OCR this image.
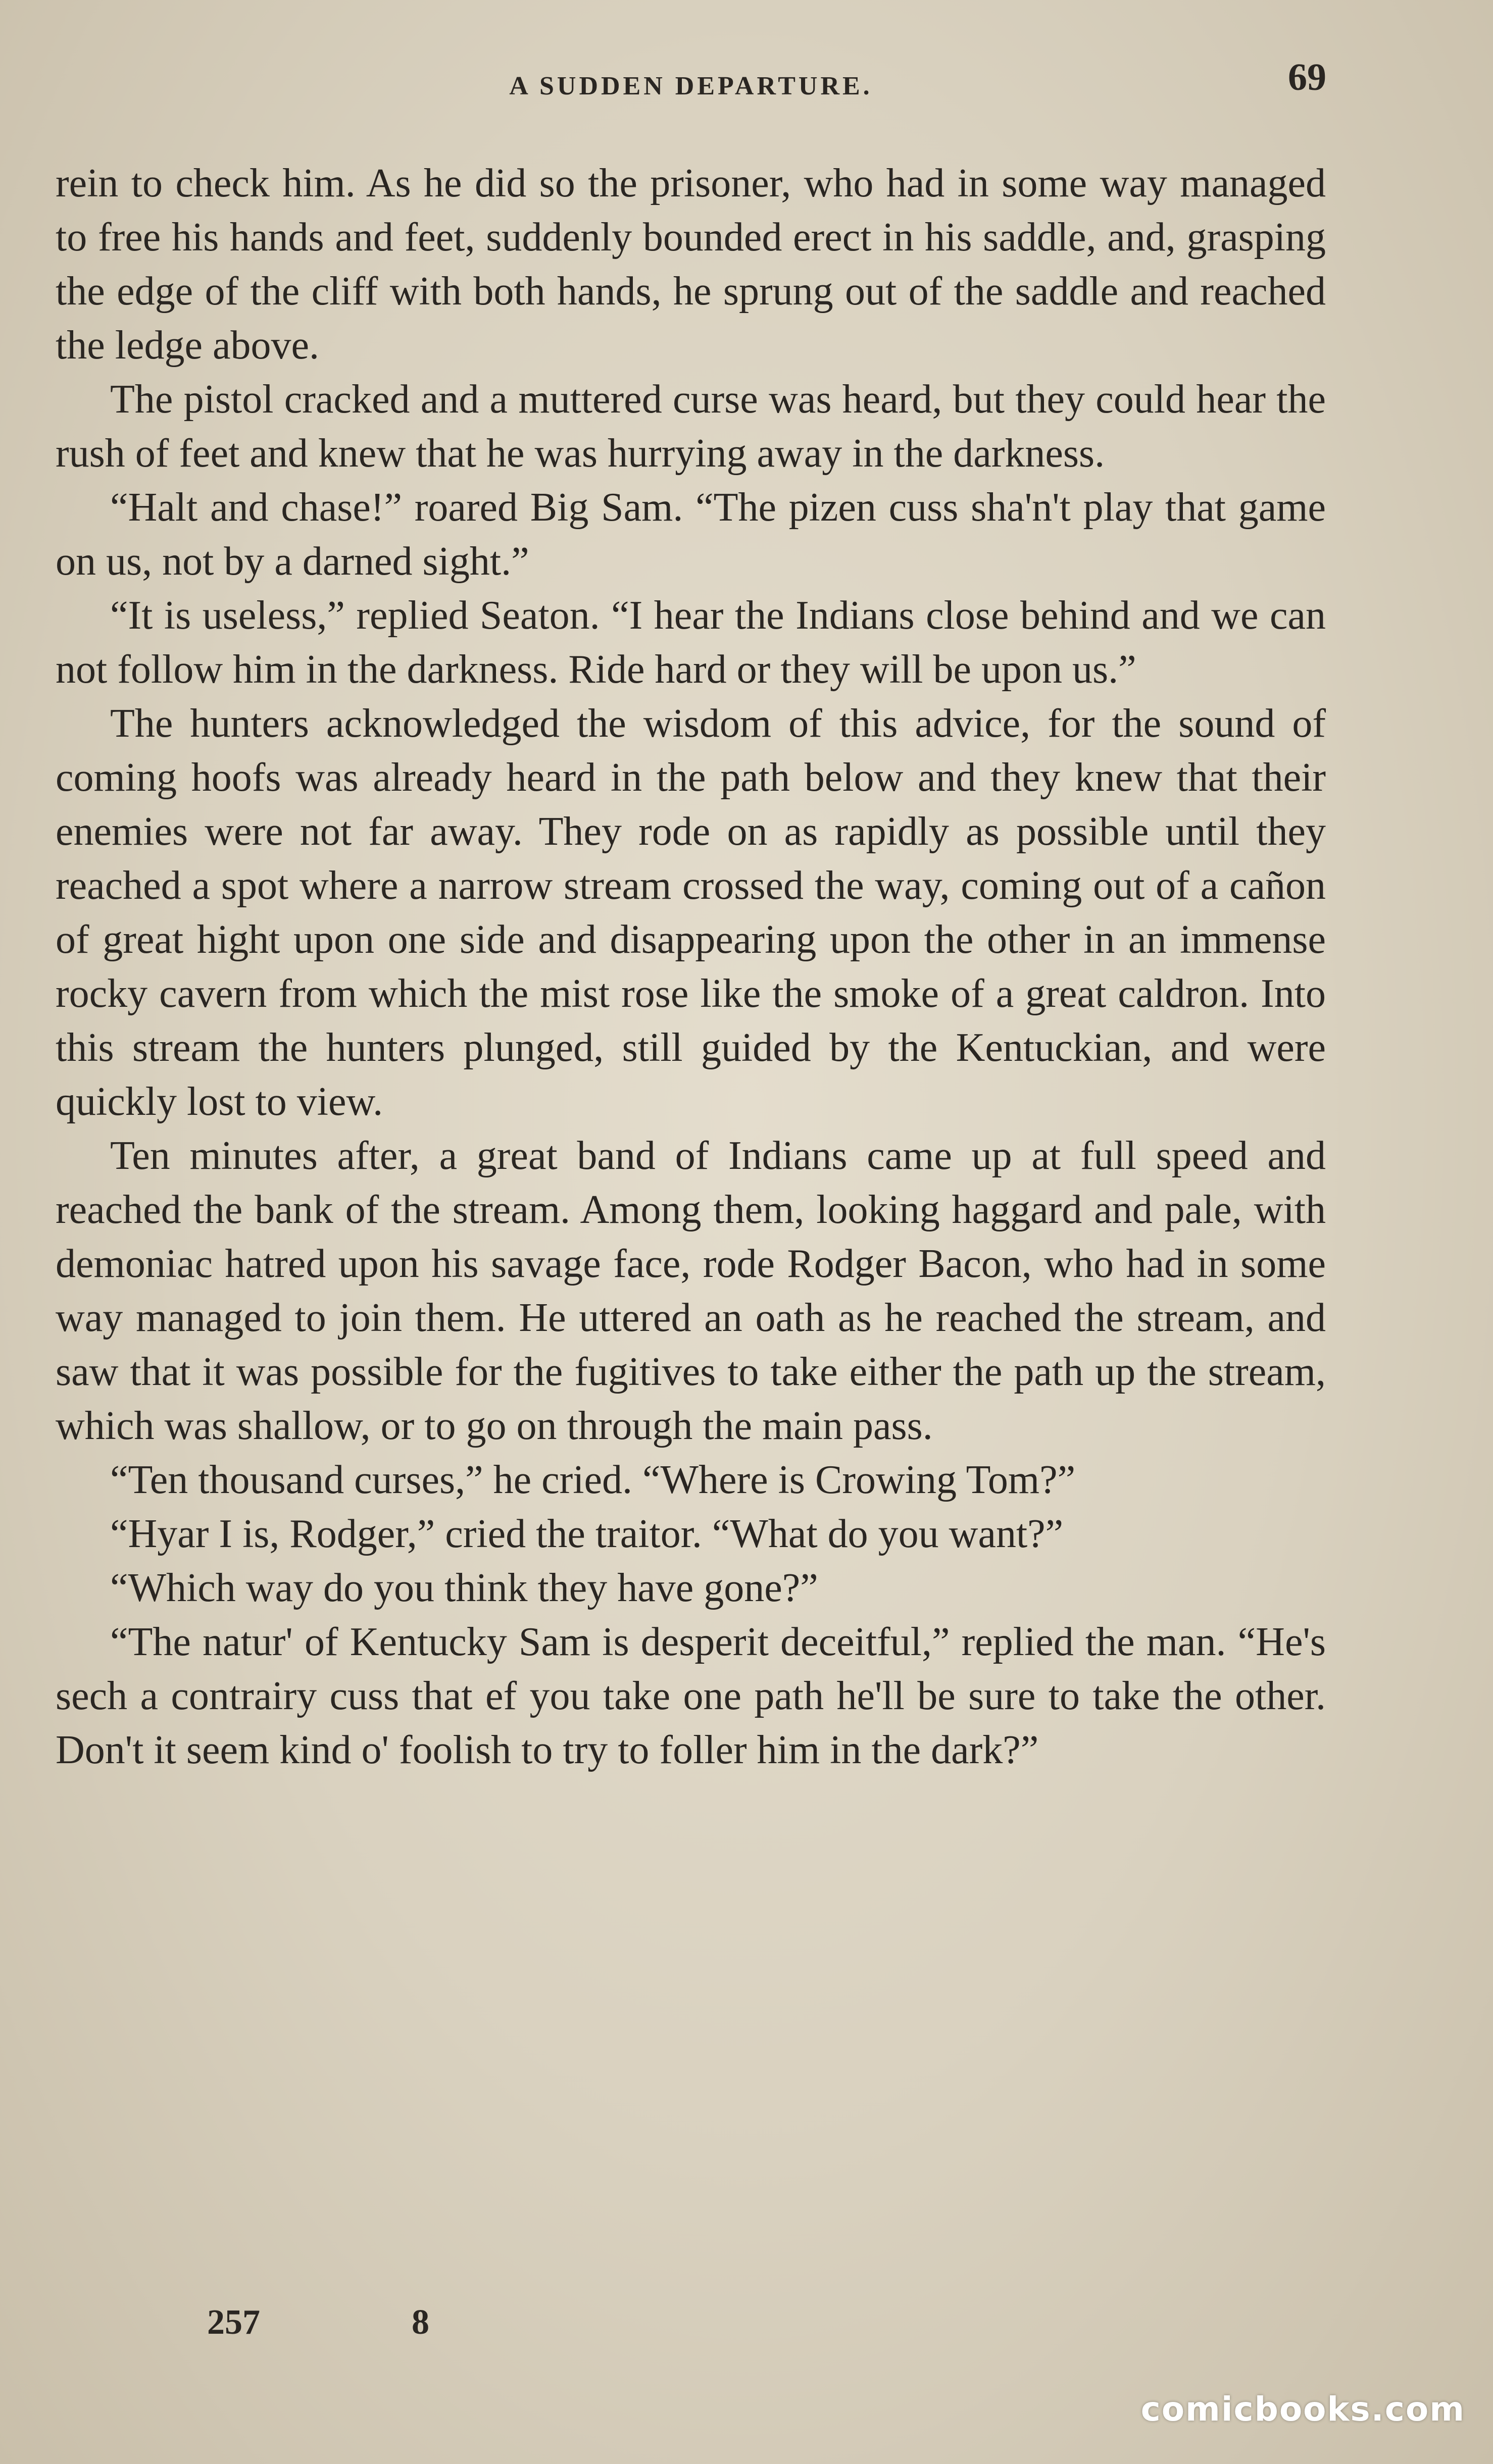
A SUDDEN DEPARTURE.	69

rein to check him. As he did so the prisoner, who had in some way managed to free his hands and feet, suddenly bounded erect in his saddle, and, grasping the edge of the cliff with both hands, he sprung out of the saddle and reached the ledge above.

The pistol cracked and a muttered curse was heard, but they could hear the rush of feet and knew that he was hurrying away in the darkness.

“Halt and chase!” roared Big Sam. “The pizen cuss sha'n't play that game on us, not by a darned sight.”

“It is useless,” replied Seaton. “I hear the Indians close behind and we can not follow him in the darkness. Ride hard or they will be upon us.”

The hunters acknowledged the wisdom of this advice, for the sound of coming hoofs was already heard in the path below and they knew that their enemies were not far away. They rode on as rapidly as possible until they reached a spot where a narrow stream crossed the way, coming out of a cañon of great hight upon one side and disappearing upon the other in an immense rocky cavern from which the mist rose like the smoke of a great caldron. Into this stream the hunters plunged, still guided by the Kentuckian, and were quickly lost to view.

Ten minutes after, a great band of Indians came up at full speed and reached the bank of the stream. Among them, looking haggard and pale, with demoniac hatred upon his savage face, rode Rodger Bacon, who had in some way managed to join them. He uttered an oath as he reached the stream, and saw that it was possible for the fugitives to take either the path up the stream, which was shallow, or to go on through the main pass.

“Ten thousand curses,” he cried. “Where is Crowing Tom?”

“Hyar I is, Rodger,” cried the traitor. “What do you want?”

“Which way do you think they have gone?”

“The natur' of Kentucky Sam is desperit deceitful,” replied the man. “He's sech a contrairy cuss that ef you take one path he'll be sure to take the other. Don't it seem kind o' foolish to try to foller him in the dark?”

257	8
comicbooks.com
